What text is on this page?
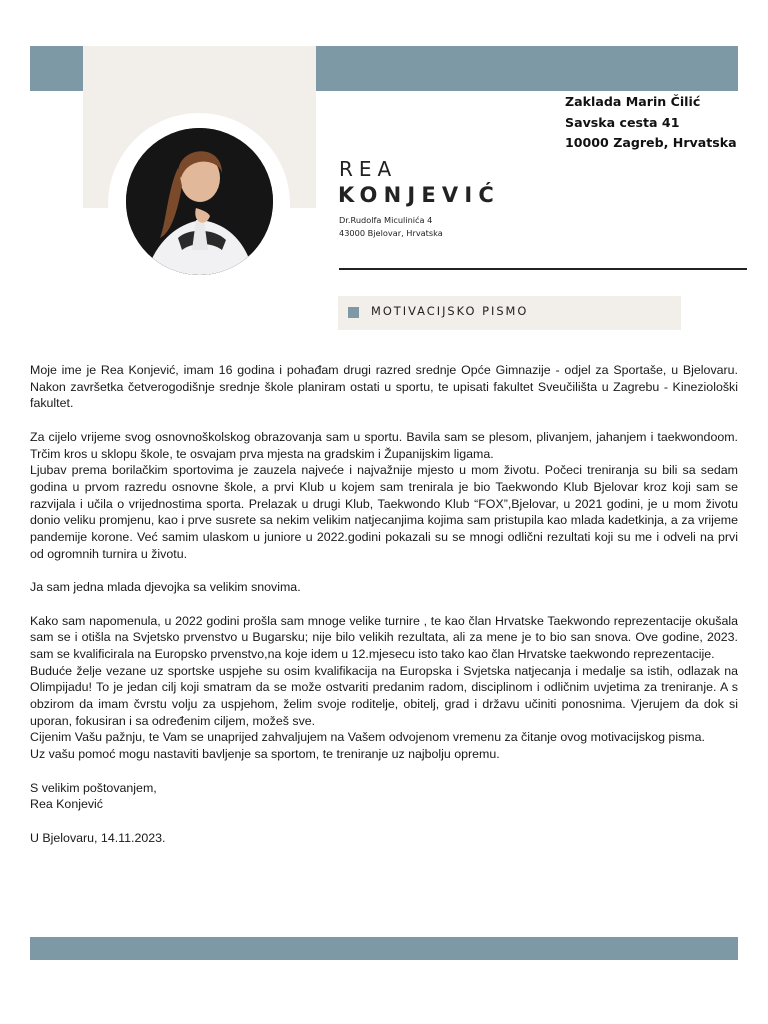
Zaklada Marin Čilić
Savska cesta 41
10000 Zagreb, Hrvatska
REA
KONJEVIĆ
Dr.Rudolfa Miculinića 4
43000 Bjelovar, Hrvatska
MOTIVACIJSKO PISMO

Moje ime je Rea Konjević, imam 16 godina i pohađam drugi razred srednje Opće Gimnazije - odjel za Sportaše, u Bjelovaru. Nakon završetka četverogodišnje srednje škole planiram ostati u sportu, te upisati fakultet Sveučilišta u Zagrebu - Kineziološki fakultet.

Za cijelo vrijeme svog osnovnoškolskog obrazovanja sam u sportu. Bavila sam se plesom, plivanjem, jahanjem i taekwondoom. Trčim kros u sklopu škole, te osvajam prva mjesta na gradskim i Županijskim ligama.

Ljubav prema borilačkim sportovima je zauzela najveće i najvažnije mjesto u mom životu. Počeci treniranja su bili sa sedam godina u prvom razredu osnovne škole, a prvi Klub u kojem sam trenirala je bio Taekwondo Klub Bjelovar kroz koji sam se razvijala i učila o vrijednostima sporta. Prelazak u drugi Klub, Taekwondo Klub “FOX”,Bjelovar, u 2021 godini, je u mom životu donio veliku promjenu, kao i prve susrete sa nekim velikim natjecanjima kojima sam pristupila kao mlada kadetkinja, a za vrijeme pandemije korone. Već samim ulaskom u juniore u 2022.godini pokazali su se mnogi odlični rezultati koji su me i odveli na prvi od ogromnih turnira u životu.

Ja sam jedna mlada djevojka sa velikim snovima.

Kako sam napomenula, u 2022 godini prošla sam mnoge velike turnire , te kao član Hrvatske Taekwondo reprezentacije okušala sam se i otišla na Svjetsko prvenstvo u Bugarsku; nije bilo velikih rezultata, ali za mene je to bio san snova. Ove godine, 2023. sam se kvalificirala na Europsko prvenstvo,na koje idem u 12.mjesecu isto tako kao član Hrvatske taekwondo reprezentacije.

Buduće želje vezane uz sportske uspjehe su osim kvalifikacija na Europska i Svjetska natjecanja i medalje sa istih, odlazak na Olimpijadu! To je jedan cilj koji smatram da se može ostvariti predanim radom, disciplinom i odličnim uvjetima za treniranje. A s obzirom da imam čvrstu volju za uspjehom, želim svoje roditelje, obitelj, grad i državu učiniti ponosnima. Vjerujem da dok si uporan, fokusiran i sa određenim ciljem, možeš sve.

Cijenim Vašu pažnju, te Vam se unaprijed zahvaljujem na Vašem odvojenom vremenu za čitanje ovog motivacijskog pisma.

Uz vašu pomoć mogu nastaviti bavljenje sa sportom, te treniranje uz najbolju opremu.

S velikim poštovanjem,

Rea Konjević

U Bjelovaru, 14.11.2023.
